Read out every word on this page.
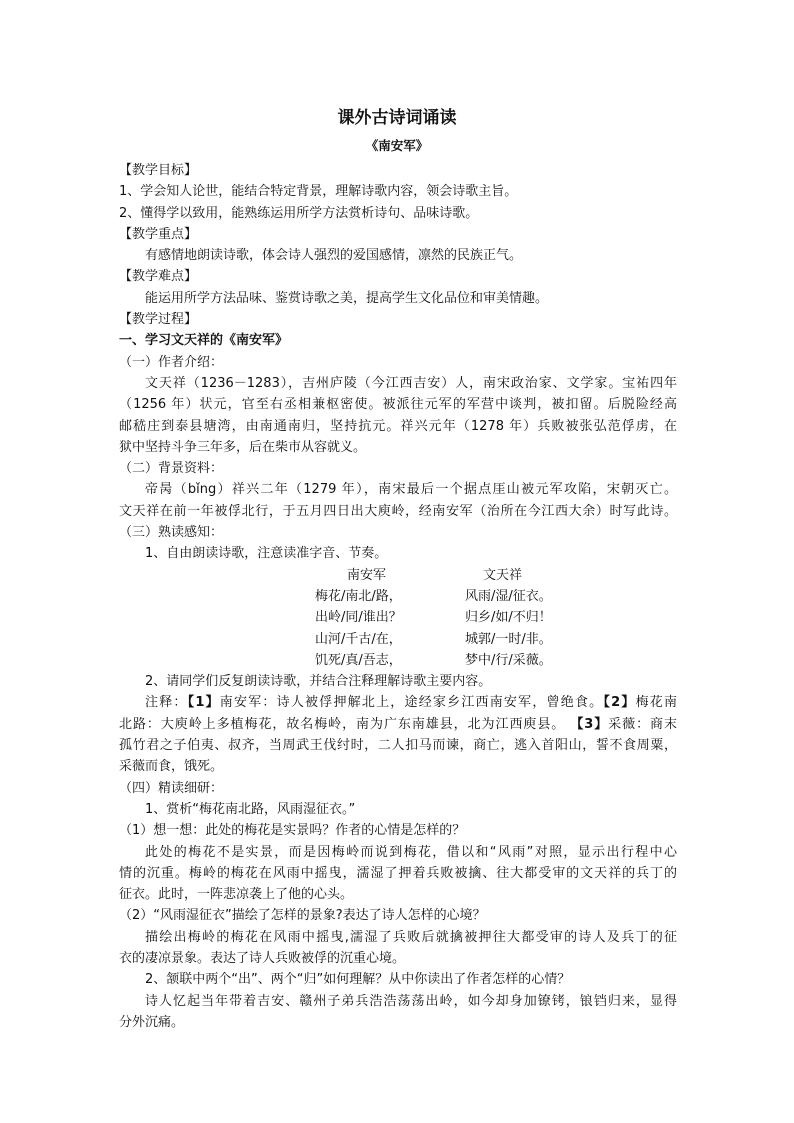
课外古诗词诵读
《南安军》

【教学目标】

1、学会知人论世，能结合特定背景，理解诗歌内容，领会诗歌主旨。

2、懂得学以致用，能熟练运用所学方法赏析诗句、品味诗歌。

【教学重点】

有感情地朗读诗歌，体会诗人强烈的爱国感情，凛然的民族正气。

【教学难点】

能运用所学方法品味、鉴赏诗歌之美，提高学生文化品位和审美情趣。

【教学过程】

一、学习文天祥的《南安军》

（一）作者介绍：

文天祥（1236－1283），吉州庐陵（今江西吉安）人，南宋政治家、文学家。宝祐四年

（1256 年）状元，官至右丞相兼枢密使。被派往元军的军营中谈判，被扣留。后脱险经高

邮嵇庄到泰县塘湾，由南通南归，坚持抗元。祥兴元年（1278 年）兵败被张弘范俘虏，在

狱中坚持斗争三年多，后在柴市从容就义。

（二）背景资料：

帝昺（bǐng）祥兴二年（1279 年），南宋最后一个据点厓山被元军攻陷，宋朝灭亡。

文天祥在前一年被俘北行，于五月四日出大庾岭，经南安军（治所在今江西大余）时写此诗。

（三）熟读感知：

1、自由朗读诗歌，注意读准字音、节奏。

南安军	文天祥
梅花/南北/路，	风雨/湿/征衣。
出岭/同/谁出？	归乡/如/不归！
山河/千古/在，	城郭/一时/非。
饥死/真/吾志，	梦中/行/采薇。

2、请同学们反复朗读诗歌，并结合注释理解诗歌主要内容。

注释：【1】南安军：诗人被俘押解北上，途经家乡江西南安军，曾绝食。【2】梅花南

北路：大庾岭上多植梅花，故名梅岭，南为广东南雄县，北为江西庾县。 【3】采薇：商末

孤竹君之子伯夷、叔齐，当周武王伐纣时，二人扣马而谏，商亡，逃入首阳山，誓不食周粟，

采薇而食，饿死。

（四）精读细研：

1、赏析“梅花南北路，风雨湿征衣。”

（1）想一想：此处的梅花是实景吗？作者的心情是怎样的？

此处的梅花不是实景，而是因梅岭而说到梅花，借以和“风雨”对照，显示出行程中心

情的沉重。梅岭的梅花在风雨中摇曳，濡湿了押着兵败被擒、往大都受审的文天祥的兵丁的

征衣。此时，一阵悲凉袭上了他的心头。

（2）“风雨湿征衣”描绘了怎样的景象?表达了诗人怎样的心境？

描绘出梅岭的梅花在风雨中摇曳,濡湿了兵败后就擒被押往大都受审的诗人及兵丁的征

衣的凄凉景象。表达了诗人兵败被俘的沉重心境。

2、颔联中两个“出”、两个“归”如何理解？从中你读出了作者怎样的心情？

诗人忆起当年带着吉安、赣州子弟兵浩浩荡荡出岭，如今却身加镣铐，锒铛归来，显得

分外沉痛。
